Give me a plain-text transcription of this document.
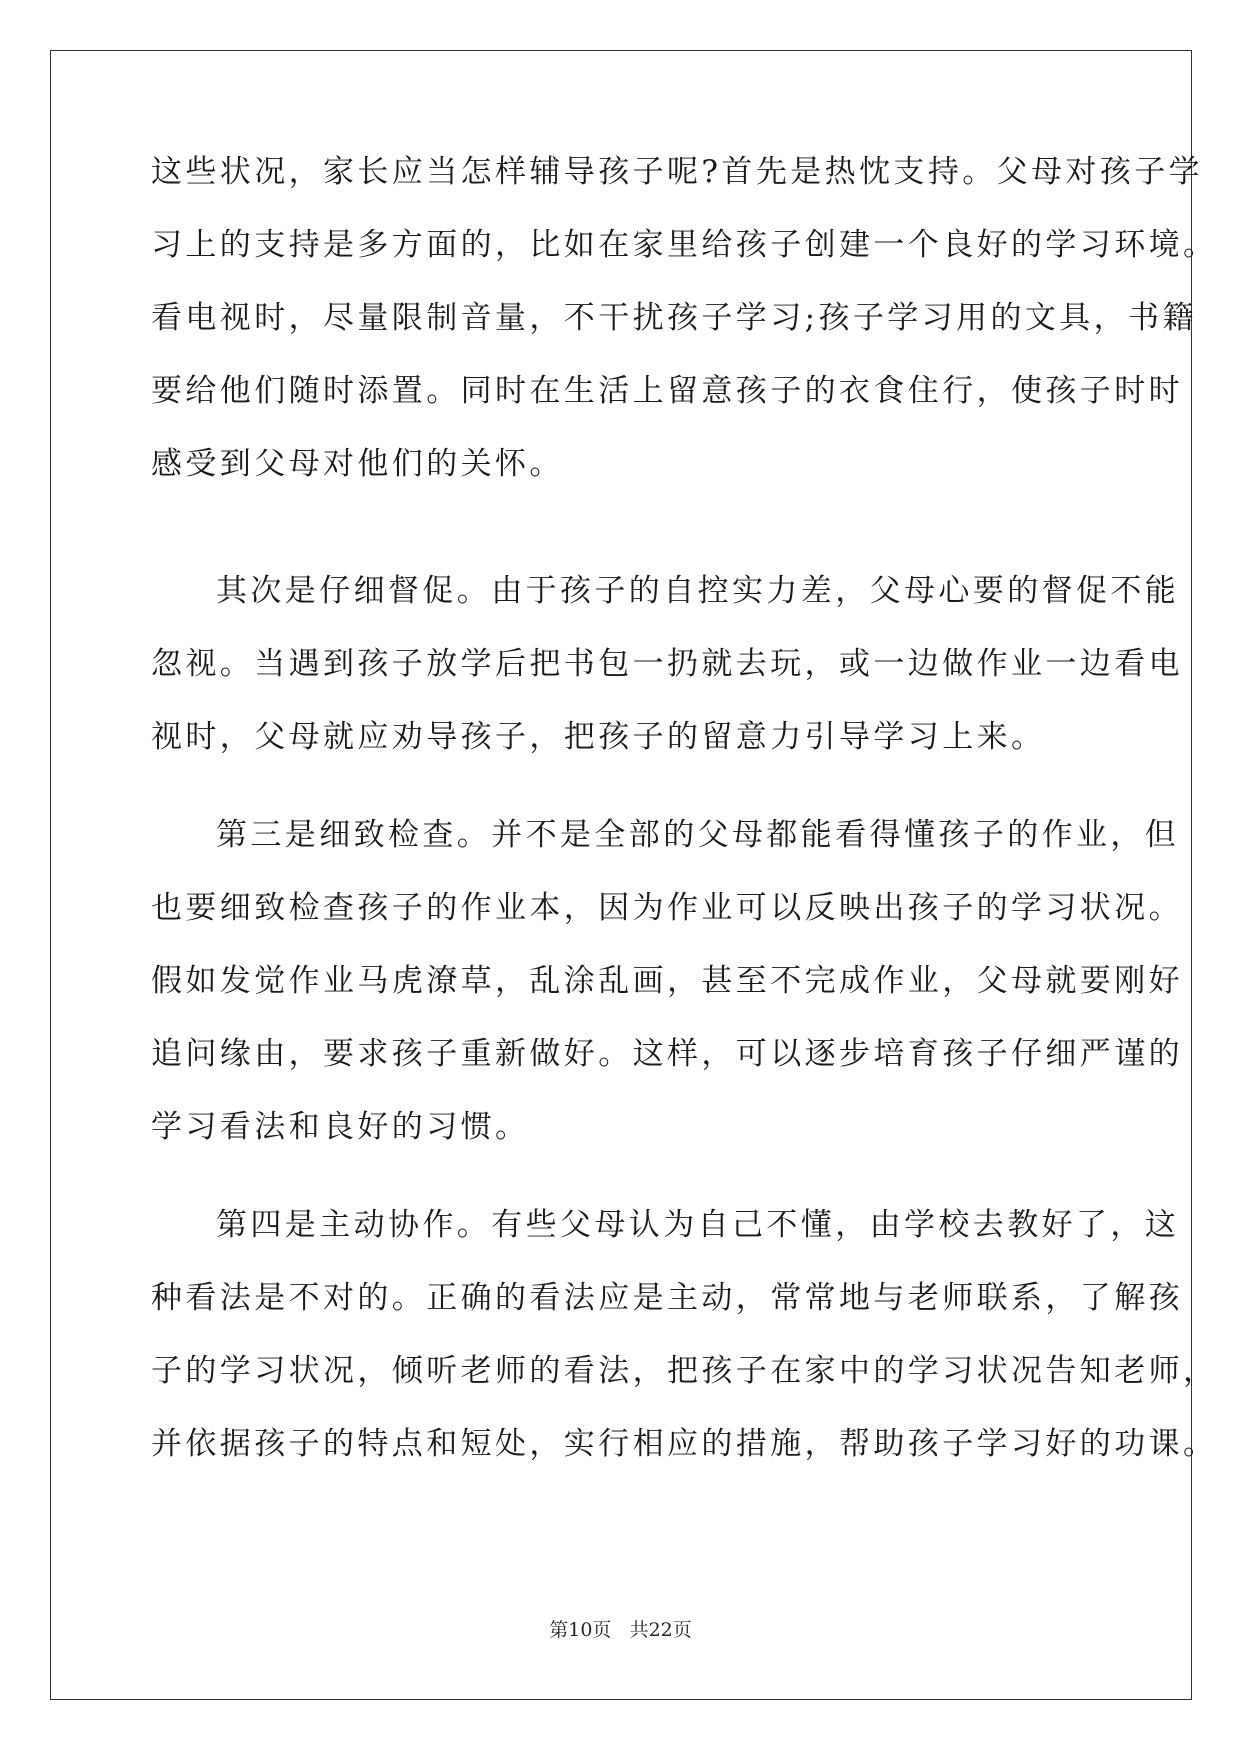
这些状况，家长应当怎样辅导孩子呢?首先是热忱支持。父母对孩子学
习上的支持是多方面的，比如在家里给孩子创建一个良好的学习环境。
看电视时，尽量限制音量，不干扰孩子学习;孩子学习用的文具，书籍
要给他们随时添置。同时在生活上留意孩子的衣食住行，使孩子时时
感受到父母对他们的关怀。
其次是仔细督促。由于孩子的自控实力差，父母心要的督促不能
忽视。当遇到孩子放学后把书包一扔就去玩，或一边做作业一边看电
视时，父母就应劝导孩子，把孩子的留意力引导学习上来。
第三是细致检查。并不是全部的父母都能看得懂孩子的作业，但
也要细致检查孩子的作业本，因为作业可以反映出孩子的学习状况。
假如发觉作业马虎潦草，乱涂乱画，甚至不完成作业，父母就要刚好
追问缘由，要求孩子重新做好。这样，可以逐步培育孩子仔细严谨的
学习看法和良好的习惯。
第四是主动协作。有些父母认为自己不懂，由学校去教好了，这
种看法是不对的。正确的看法应是主动，常常地与老师联系，了解孩
子的学习状况，倾听老师的看法，把孩子在家中的学习状况告知老师，
并依据孩子的特点和短处，实行相应的措施，帮助孩子学习好的功课。
第10页 共22页
